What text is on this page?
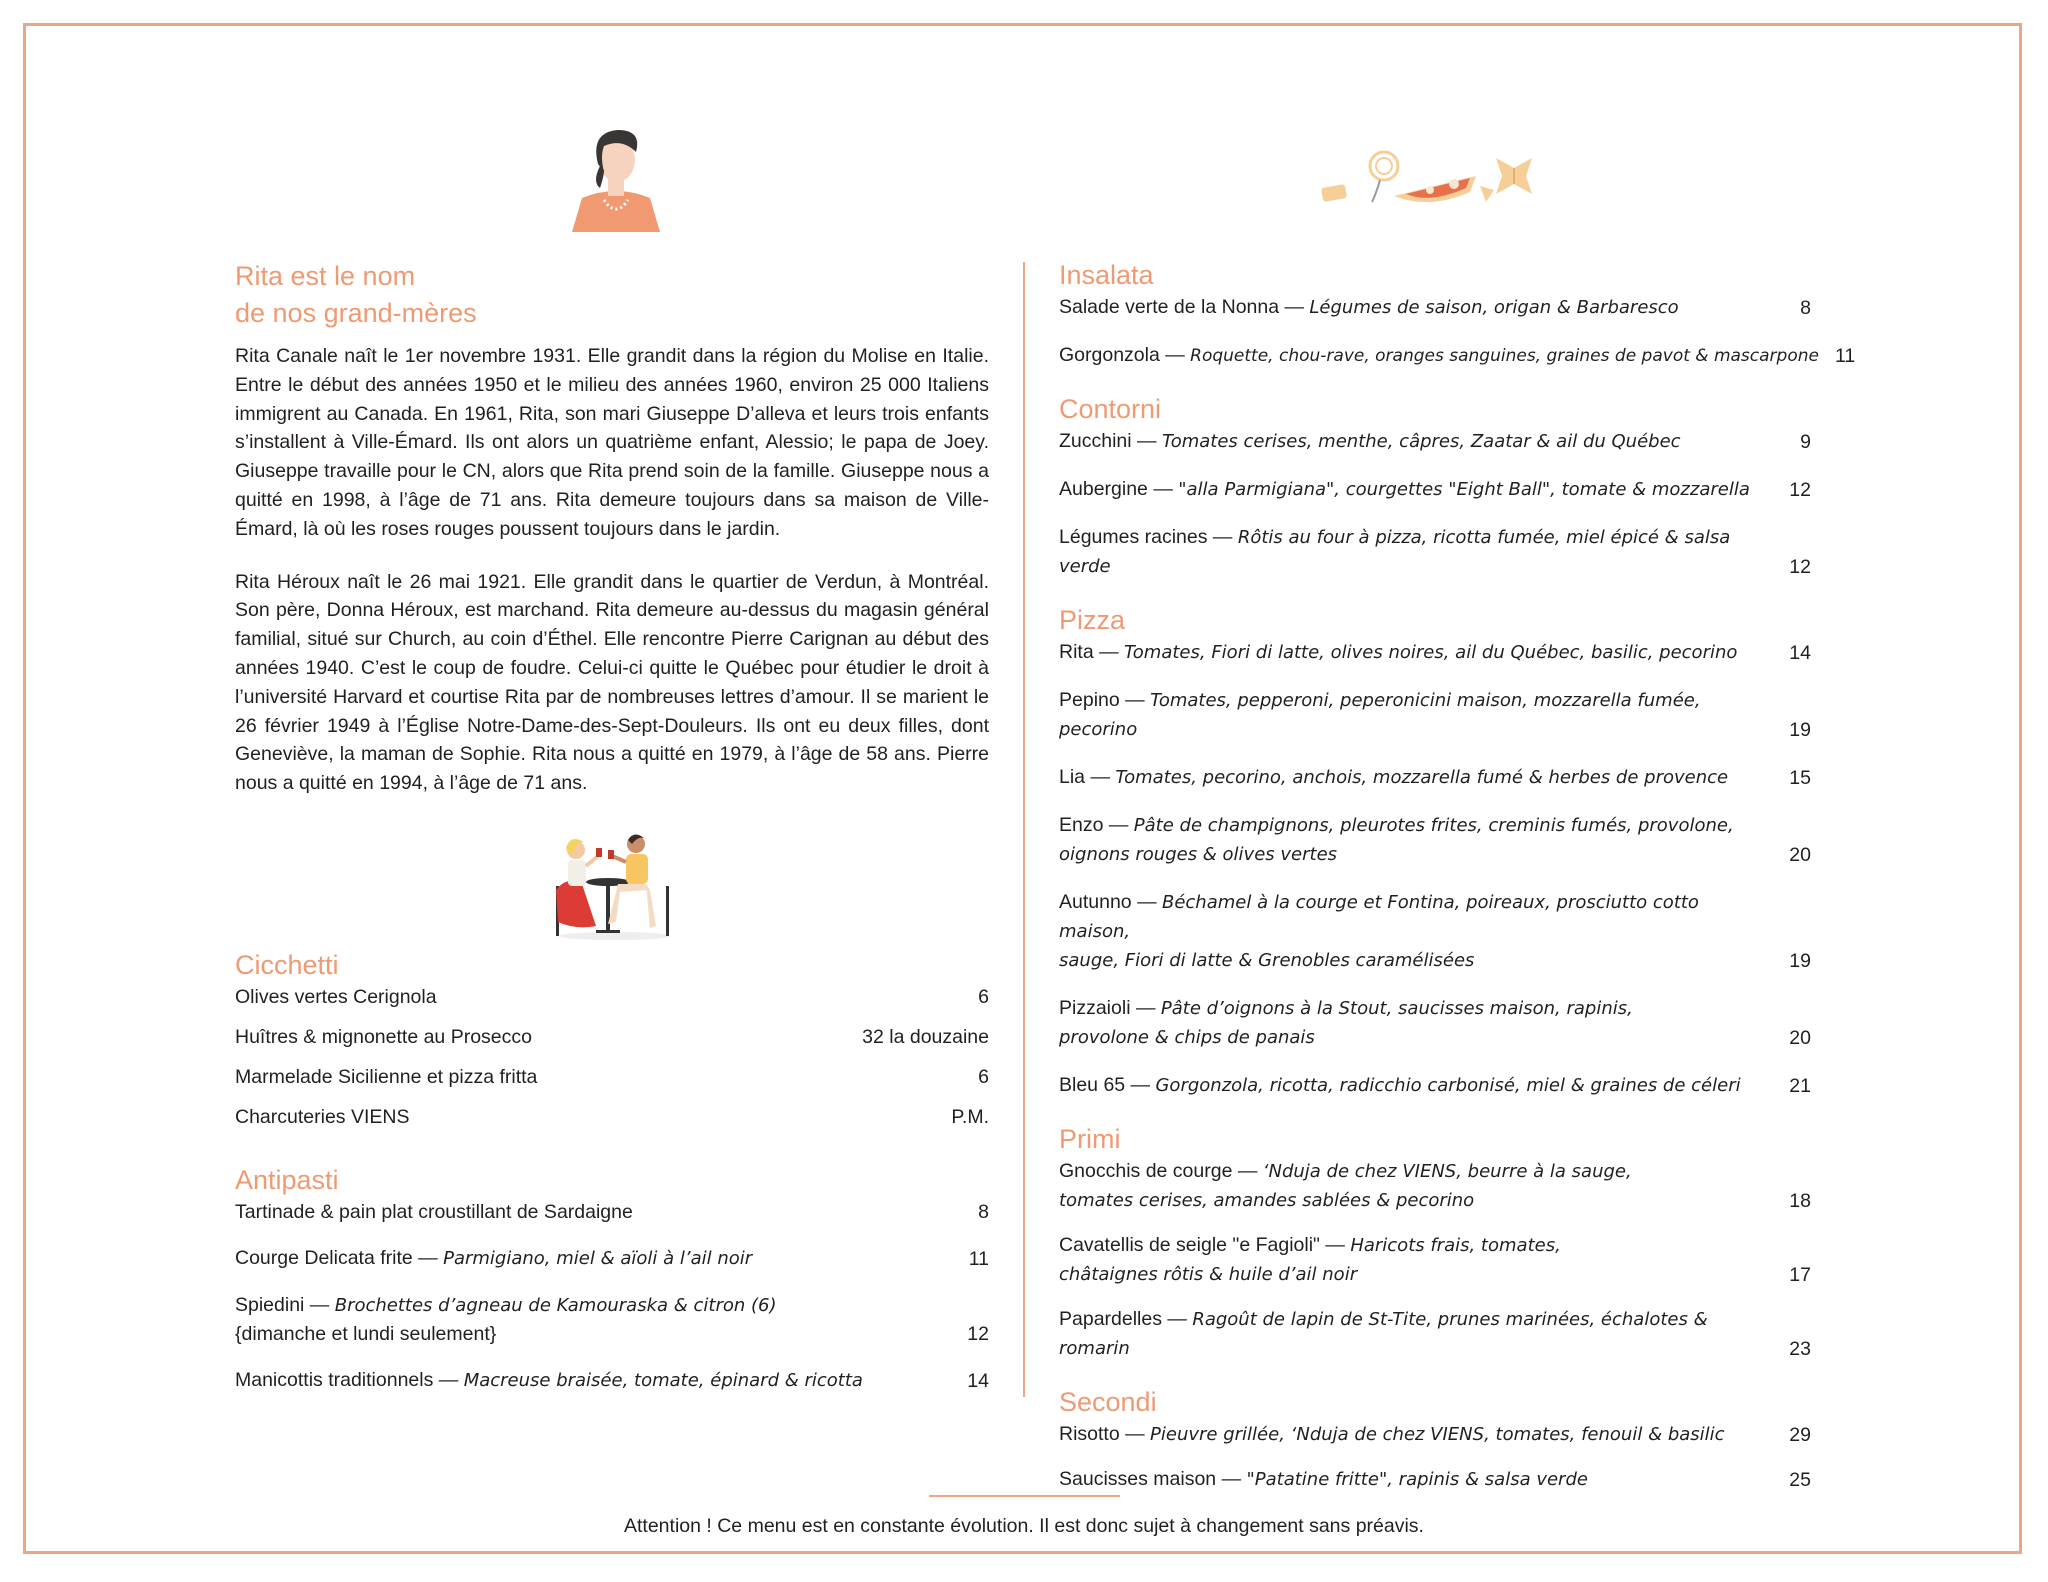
Rita est le nom
de nos grand-mères

Rita Canale naît le 1er novembre 1931. Elle grandit dans la région du Molise en Italie. Entre le début des années 1950 et le milieu des années 1960, environ 25 000 Italiens immigrent au Canada. En 1961, Rita, son mari Giuseppe D’alleva et leurs trois enfants s’installent à Ville-Émard. Ils ont alors un quatrième enfant, Alessio; le papa de Joey. Giuseppe travaille pour le CN, alors que Rita prend soin de la famille. Giuseppe nous a quitté en 1998, à l’âge de 71 ans. Rita demeure toujours dans sa maison de Ville-Émard, là où les roses rouges poussent toujours dans le jardin.

Rita Héroux naît le 26 mai 1921. Elle grandit dans le quartier de Verdun, à Montréal. Son père, Donna Héroux, est marchand. Rita demeure au-dessus du magasin général familial, situé sur Church, au coin d’Éthel. Elle rencontre Pierre Carignan au début des années 1940. C’est le coup de foudre. Celui-ci quitte le Québec pour étudier le droit à l’université Harvard et courtise Rita par de nombreuses lettres d’amour. Il se marient le 26 février 1949 à l’Église Notre-Dame-des-Sept-Douleurs. Ils ont eu deux filles, dont Geneviève, la maman de Sophie. Rita nous a quitté en 1979, à l’âge de 58 ans. Pierre nous a quitté en 1994, à l’âge de 71 ans.

Cicchetti
Olives vertes Cerignola	6
Huîtres & mignonette au Prosecco	32 la douzaine
Marmelade Sicilienne et pizza fritta	6
Charcuteries VIENS	P.M.
Antipasti
Tartinade & pain plat croustillant de Sardaigne	8
Courge Delicata frite — Parmigiano, miel & aïoli à l’ail noir	11
Spiedini — Brochettes d’agneau de Kamouraska & citron (6)
{dimanche et lundi seulement}	12
Manicottis traditionnels — Macreuse braisée, tomate, épinard & ricotta	14
Insalata
Salade verte de la Nonna — Légumes de saison, origan & Barbaresco	8
Gorgonzola — Roquette, chou-rave, oranges sanguines, graines de pavot & mascarpone 11
Contorni
Zucchini — Tomates cerises, menthe, câpres, Zaatar & ail du Québec	9
Aubergine — "alla Parmigiana", courgettes "Eight Ball", tomate & mozzarella	12
Légumes racines — Rôtis au four à pizza, ricotta fumée, miel épicé & salsa verde	12
Pizza
Rita — Tomates, Fiori di latte, olives noires, ail du Québec, basilic, pecorino	14
Pepino — Tomates, pepperoni, peperonicini maison, mozzarella fumée, pecorino	19
Lia — Tomates, pecorino, anchois, mozzarella fumé & herbes de provence	15
Enzo — Pâte de champignons, pleurotes frites, creminis fumés, provolone,
oignons rouges & olives vertes	20
Autunno — Béchamel à la courge et Fontina, poireaux, prosciutto cotto maison,
sauge, Fiori di latte & Grenobles caramélisées	19
Pizzaioli — Pâte d’oignons à la Stout, saucisses maison, rapinis,
provolone & chips de panais	20
Bleu 65 — Gorgonzola, ricotta, radicchio carbonisé, miel & graines de céleri	21
Primi
Gnocchis de courge — ‘Nduja de chez VIENS, beurre à la sauge,
tomates cerises, amandes sablées & pecorino	18
Cavatellis de seigle "e Fagioli" — Haricots frais, tomates,
châtaignes rôtis & huile d’ail noir	17
Papardelles — Ragoût de lapin de St-Tite, prunes marinées, échalotes & romarin	23
Secondi
Risotto — Pieuvre grillée, ‘Nduja de chez VIENS, tomates, fenouil & basilic	29
Saucisses maison — "Patatine fritte", rapinis & salsa verde	25
Attention ! Ce menu est en constante évolution. Il est donc sujet à changement sans préavis.
